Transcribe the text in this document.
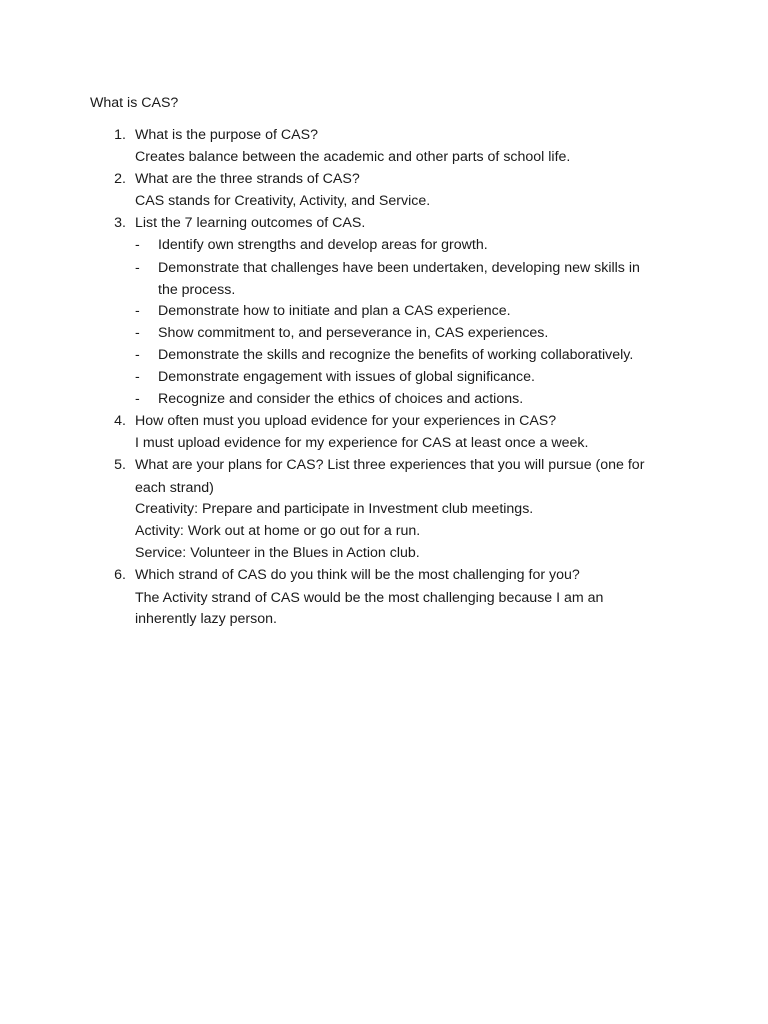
What is CAS?
1. What is the purpose of CAS?
Creates balance between the academic and other parts of school life.
2. What are the three strands of CAS?
CAS stands for Creativity, Activity, and Service.
3. List the 7 learning outcomes of CAS.
- Identify own strengths and develop areas for growth.
- Demonstrate that challenges have been undertaken, developing new skills in
the process.
- Demonstrate how to initiate and plan a CAS experience.
- Show commitment to, and perseverance in, CAS experiences.
- Demonstrate the skills and recognize the benefits of working collaboratively.
- Demonstrate engagement with issues of global significance.
- Recognize and consider the ethics of choices and actions.
4. How often must you upload evidence for your experiences in CAS?
I must upload evidence for my experience for CAS at least once a week.
5. What are your plans for CAS? List three experiences that you will pursue (one for
each strand)
Creativity: Prepare and participate in Investment club meetings.
Activity: Work out at home or go out for a run.
Service: Volunteer in the Blues in Action club.
6. Which strand of CAS do you think will be the most challenging for you?
The Activity strand of CAS would be the most challenging because I am an
inherently lazy person.
